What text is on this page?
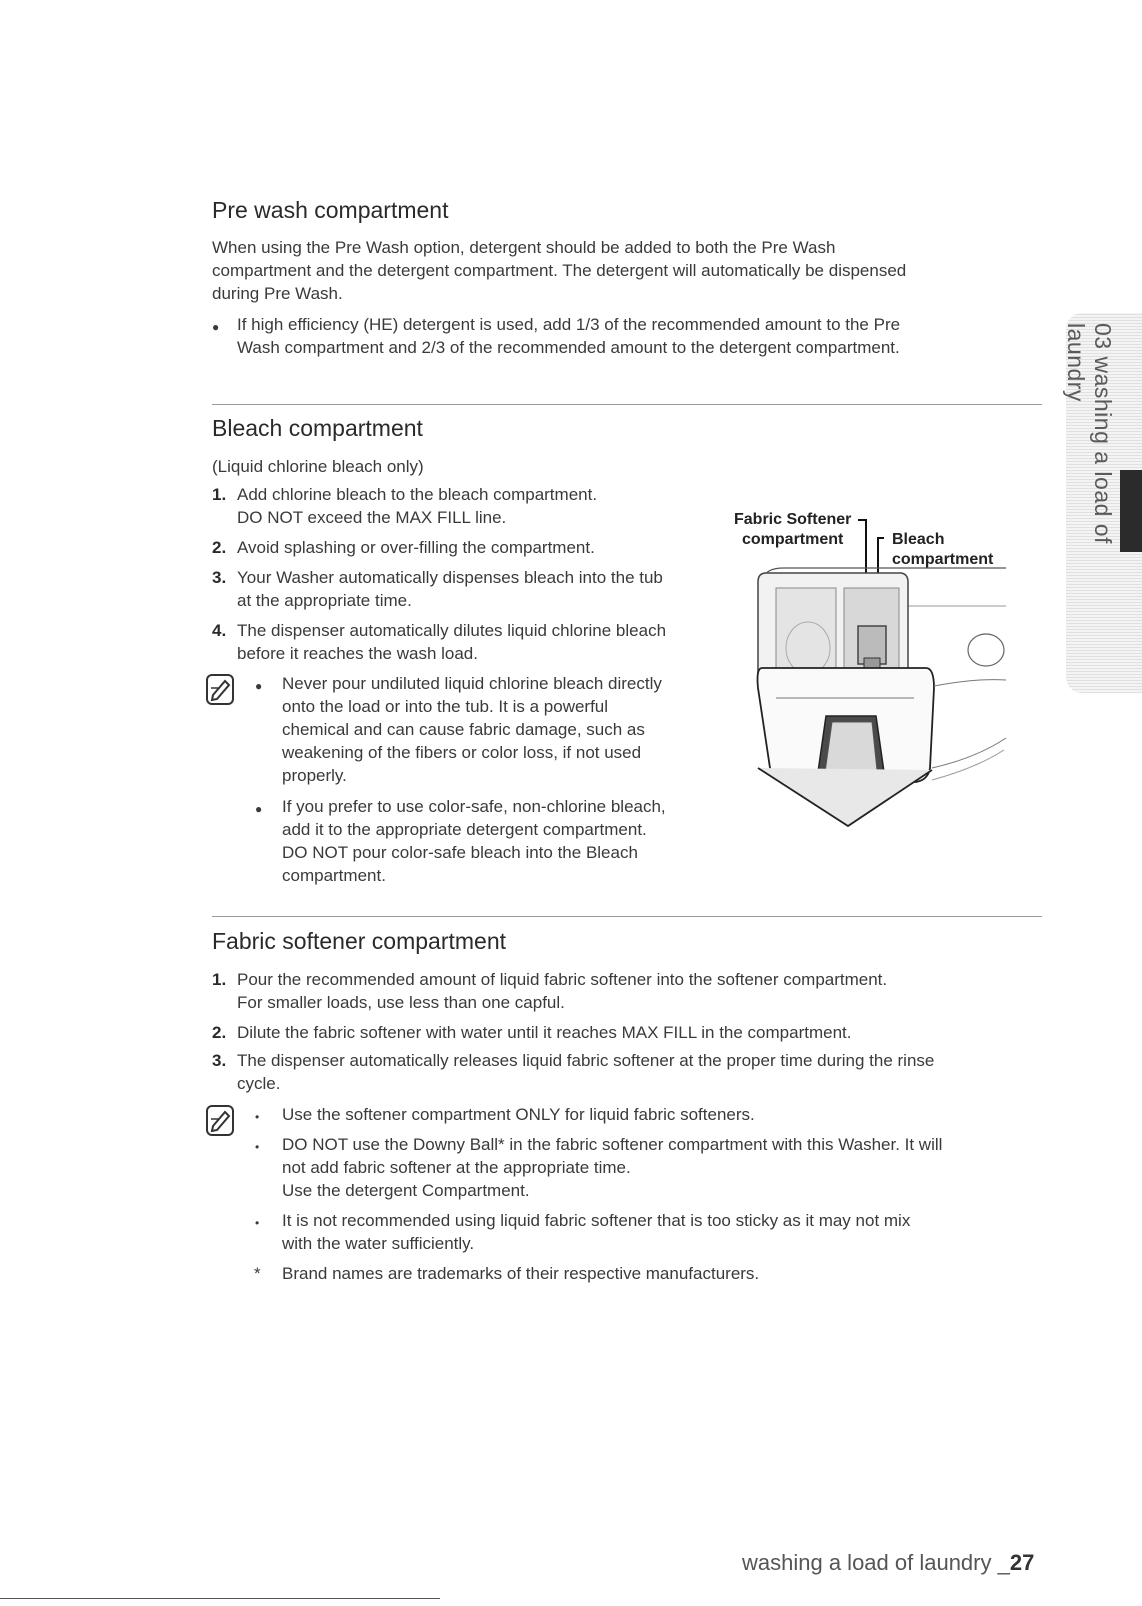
03 washing a load of laundry
Pre wash compartment
When using the Pre Wash option, detergent should be added to both the Pre Wash
compartment and the detergent compartment. The detergent will automatically be dispensed
during Pre Wash.
● If high efficiency (HE) detergent is used, add 1/3 of the recommended amount to the Pre
Wash compartment and 2/3 of the recommended amount to the detergent compartment.
Bleach compartment
(Liquid chlorine bleach only)
1. Add chlorine bleach to the bleach compartment.
DO NOT exceed the MAX FILL line.
2. Avoid splashing or over-filling the compartment.
3. Your Washer automatically dispenses bleach into the tub
at the appropriate time.
4. The dispenser automatically dilutes liquid chlorine bleach
before it reaches the wash load.
● Never pour undiluted liquid chlorine bleach directly
onto the load or into the tub. It is a powerful
chemical and can cause fabric damage, such as
weakening of the fibers or color loss, if not used
properly.
● If you prefer to use color-safe, non-chlorine bleach,
add it to the appropriate detergent compartment.
DO NOT pour color-safe bleach into the Bleach
compartment.
Fabric Softener
compartment	Bleach
compartment
Fabric softener compartment
1. Pour the recommended amount of liquid fabric softener into the softener compartment.
For smaller loads, use less than one capful.
2. Dilute the fabric softener with water until it reaches MAX FILL in the compartment.
3. The dispenser automatically releases liquid fabric softener at the proper time during the rinse
cycle.
• Use the softener compartment ONLY for liquid fabric softeners.
• DO NOT use the Downy Ball* in the fabric softener compartment with this Washer. It will
not add fabric softener at the appropriate time.
Use the detergent Compartment.
• It is not recommended using liquid fabric softener that is too sticky as it may not mix
with the water sufficiently.
* Brand names are trademarks of their respective manufacturers.
washing a load of laundry _27
